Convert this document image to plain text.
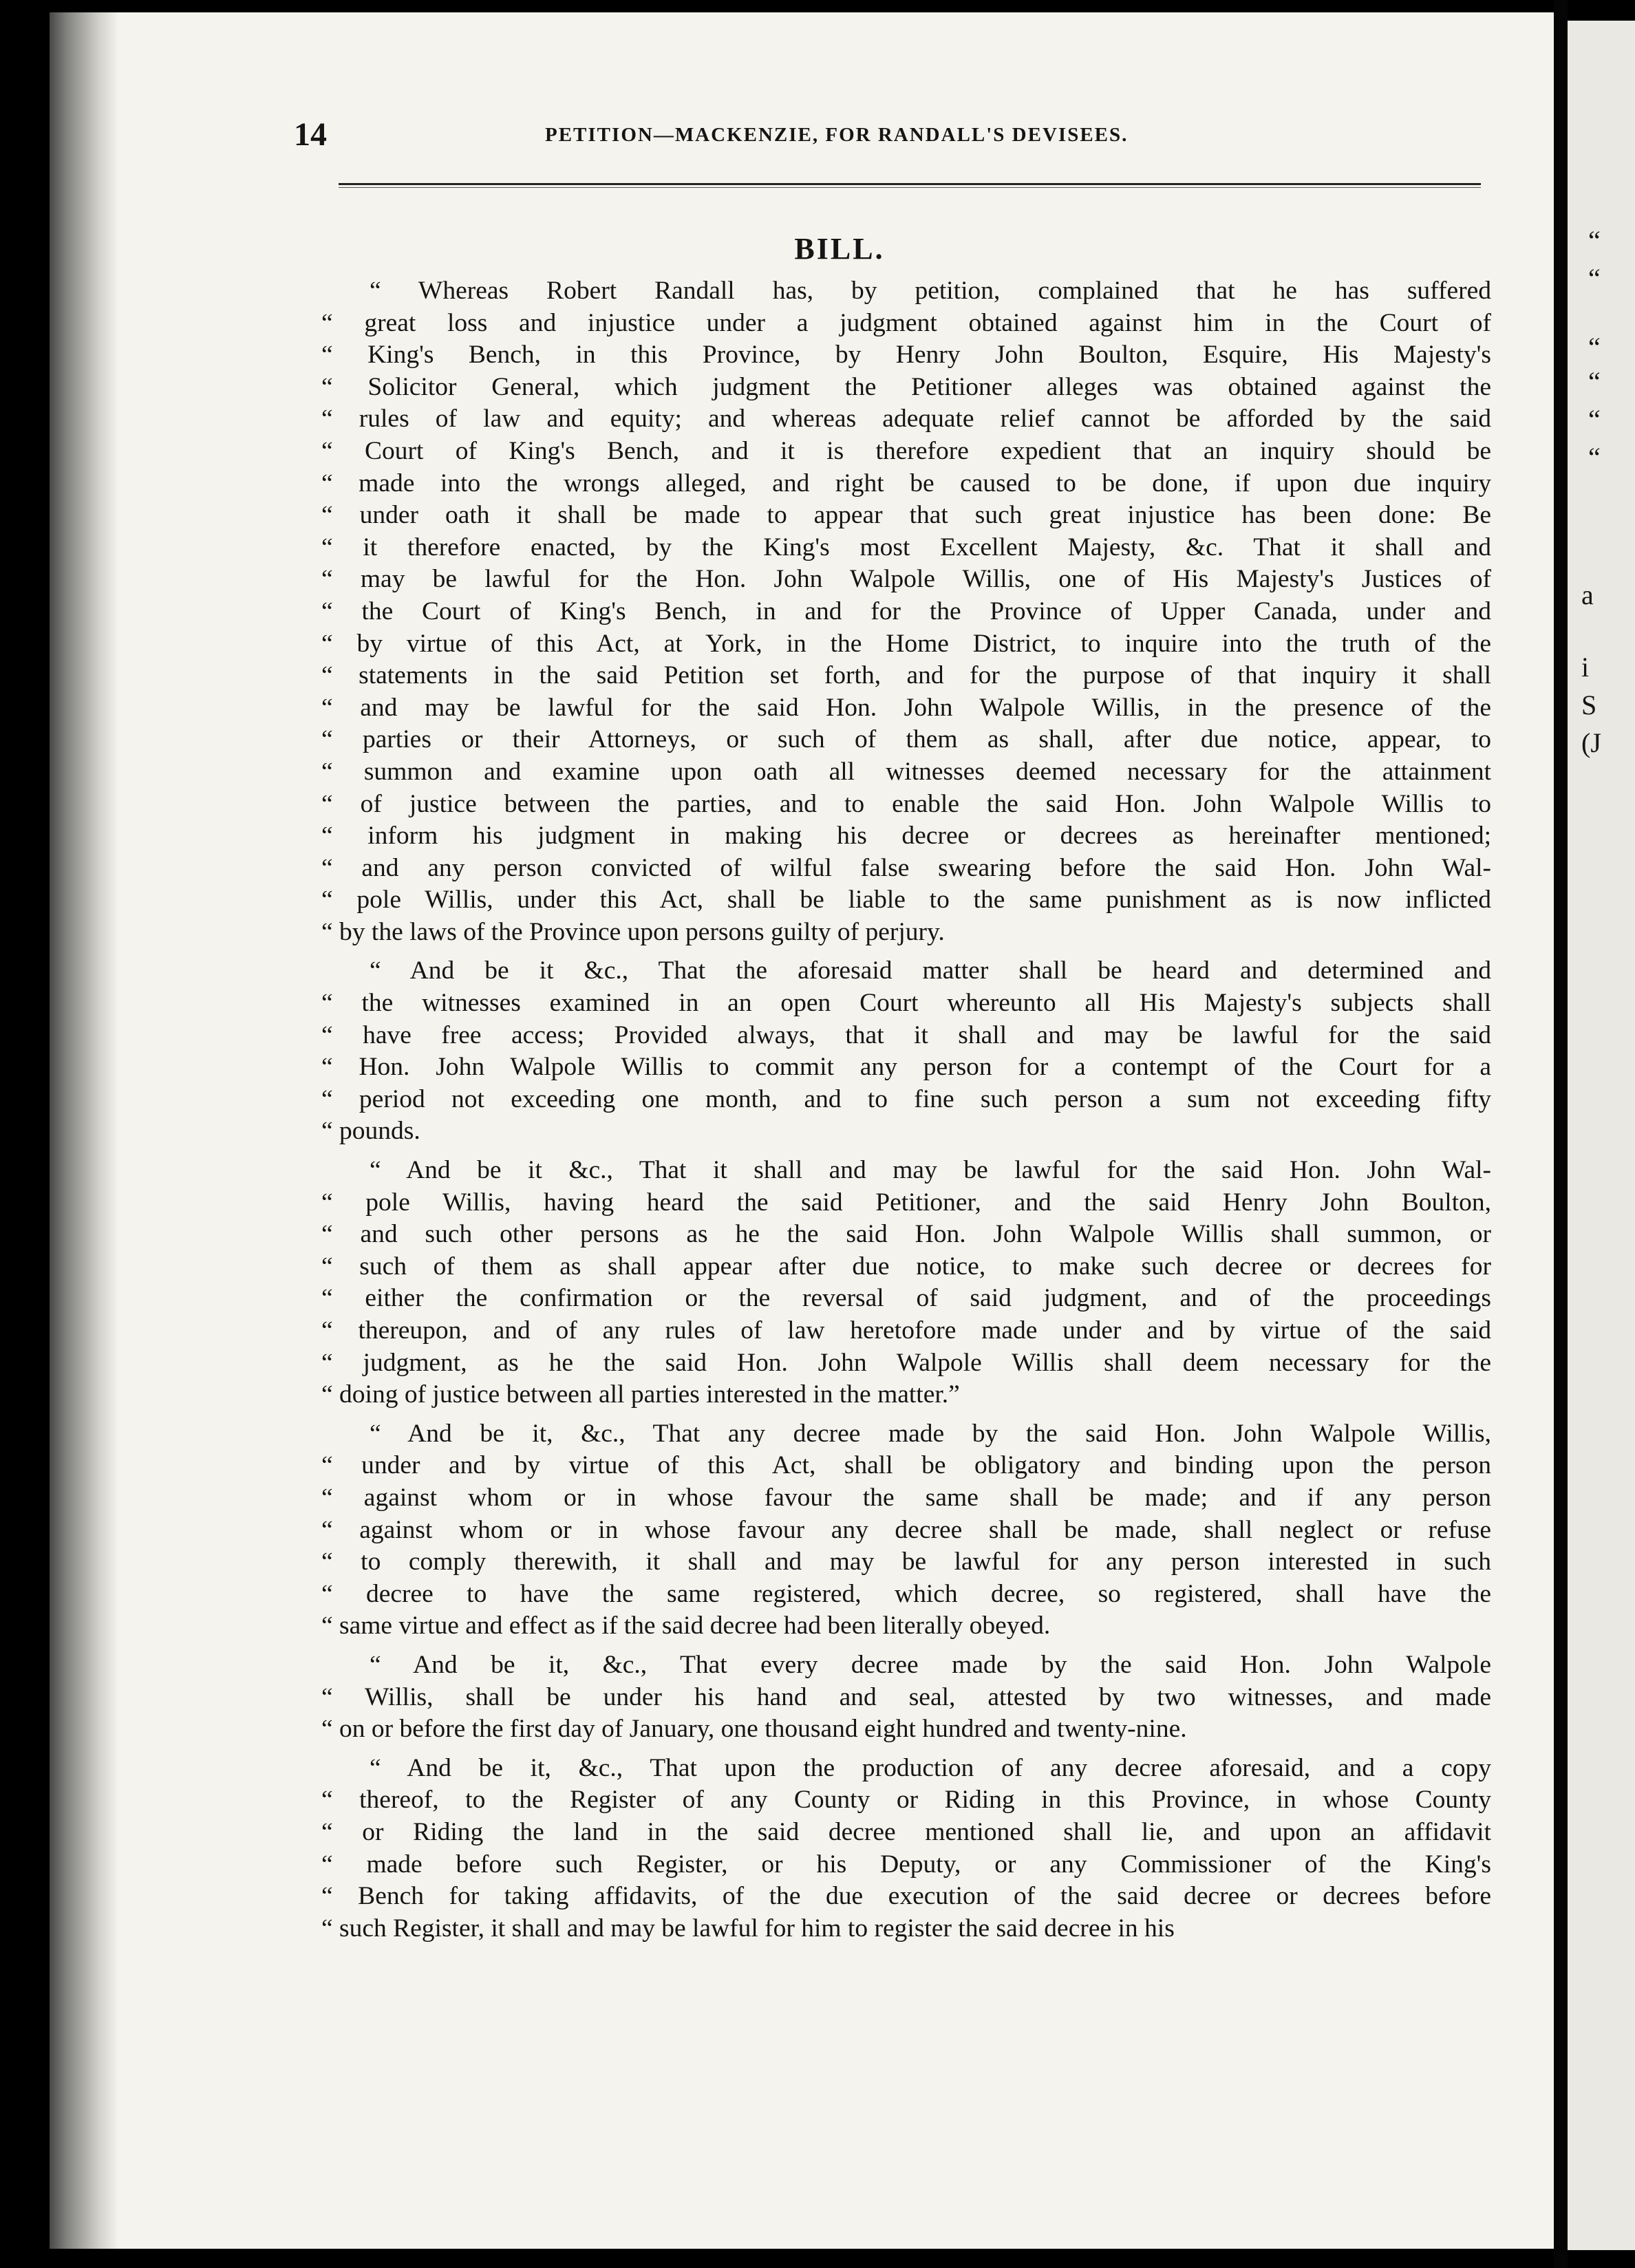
14	PETITION—MACKENZIE, FOR RANDALL'S DEVISEES.
BILL.

“ Whereas Robert Randall has, by petition, complained that he has suffered
“ great loss and injustice under a judgment obtained against him in the Court of
“ King's Bench, in this Province, by Henry John Boulton, Esquire, His Majesty's
“ Solicitor General, which judgment the Petitioner alleges was obtained against the
“ rules of law and equity; and whereas adequate relief cannot be afforded by the said
“ Court of King's Bench, and it is therefore expedient that an inquiry should be
“ made into the wrongs alleged, and right be caused to be done, if upon due inquiry
“ under oath it shall be made to appear that such great injustice has been done: Be
“ it therefore enacted, by the King's most Excellent Majesty, &c. That it shall and
“ may be lawful for the Hon. John Walpole Willis, one of His Majesty's Justices of
“ the Court of King's Bench, in and for the Province of Upper Canada, under and
“ by virtue of this Act, at York, in the Home District, to inquire into the truth of the
“ statements in the said Petition set forth, and for the purpose of that inquiry it shall
“ and may be lawful for the said Hon. John Walpole Willis, in the presence of the
“ parties or their Attorneys, or such of them as shall, after due notice, appear, to
“ summon and examine upon oath all witnesses deemed necessary for the attainment
“ of justice between the parties, and to enable the said Hon. John Walpole Willis to
“ inform his judgment in making his decree or decrees as hereinafter mentioned;
“ and any person convicted of wilful false swearing before the said Hon. John Wal-
“ pole Willis, under this Act, shall be liable to the same punishment as is now inflicted
“ by the laws of the Province upon persons guilty of perjury.

“ And be it &c., That the aforesaid matter shall be heard and determined and
“ the witnesses examined in an open Court whereunto all His Majesty's subjects shall
“ have free access; Provided always, that it shall and may be lawful for the said
“ Hon. John Walpole Willis to commit any person for a contempt of the Court for a
“ period not exceeding one month, and to fine such person a sum not exceeding fifty
“ pounds.

“ And be it &c., That it shall and may be lawful for the said Hon. John Wal-
“ pole Willis, having heard the said Petitioner, and the said Henry John Boulton,
“ and such other persons as he the said Hon. John Walpole Willis shall summon, or
“ such of them as shall appear after due notice, to make such decree or decrees for
“ either the confirmation or the reversal of said judgment, and of the proceedings
“ thereupon, and of any rules of law heretofore made under and by virtue of the said
“ judgment, as he the said Hon. John Walpole Willis shall deem necessary for the
“ doing of justice between all parties interested in the matter.”

“ And be it, &c., That any decree made by the said Hon. John Walpole Willis,
“ under and by virtue of this Act, shall be obligatory and binding upon the person
“ against whom or in whose favour the same shall be made; and if any person
“ against whom or in whose favour any decree shall be made, shall neglect or refuse
“ to comply therewith, it shall and may be lawful for any person interested in such
“ decree to have the same registered, which decree, so registered, shall have the
“ same virtue and effect as if the said decree had been literally obeyed.

“ And be it, &c., That every decree made by the said Hon. John Walpole
“ Willis, shall be under his hand and seal, attested by two witnesses, and made
“ on or before the first day of January, one thousand eight hundred and twenty-nine.

“ And be it, &c., That upon the production of any decree aforesaid, and a copy
“ thereof, to the Register of any County or Riding in this Province, in whose County
“ or Riding the land in the said decree mentioned shall lie, and upon an affidavit
“ made before such Register, or his Deputy, or any Commissioner of the King's
“ Bench for taking affidavits, of the due execution of the said decree or decrees before
“ such Register, it shall and may be lawful for him to register the said decree in his

“
“
“
“
“
“
a
i
S
(J
